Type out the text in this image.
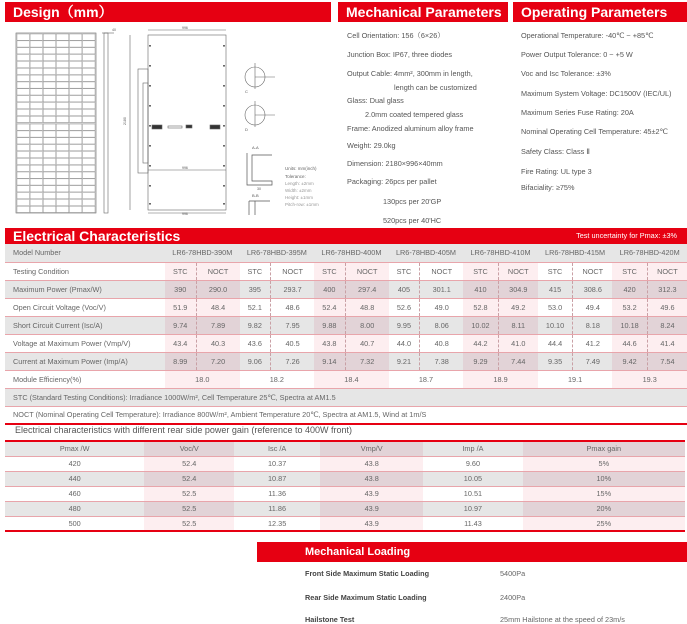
Design（mm）	Mechanical Parameters	Operating Parameters
40	996
996
996
2180
C
D
A-A
30
B-B
Units: mm(inch)
Tolerance:
Length: ±2mm
Width: ±2mm
Height: ±1mm
Pitch-row: ±1mm
Cell Orientation: 156（6×26）
Junction Box: IP67, three diodes
Output Cable: 4mm², 300mm in length,
length can be customized
Glass: Dual glass
2.0mm coated tempered glass
Frame: Anodized aluminum alloy frame
Weight: 29.0kg
Dimension: 2180×996×40mm
Packaging: 26pcs per pallet
130pcs per 20'GP
520pcs per 40'HC
Operational Temperature: -40℃ ~ +85℃
Power Output Tolerance: 0 ~ +5 W
Voc and Isc Tolerance: ±3%
Maximum System Voltage: DC1500V (IEC/UL)
Maximum Series Fuse Rating: 20A
Nominal Operating Cell Temperature: 45±2℃
Safety Class: Class Ⅱ
Fire Rating: UL type 3
Bifaciality: ≥75%
Electrical Characteristics	Test uncertainty for Pmax: ±3%
Model Number	LR6-78HBD-390M		LR6-78HBD-395M		LR6-78HBD-400M		LR6-78HBD-405M		LR6-78HBD-410M		LR6-78HBD-415M		LR6-78HBD-420M	
Testing Condition	STC	NOCT	STC	NOCT	STC	NOCT	STC	NOCT	STC	NOCT	STC	NOCT	STC	NOCT
Maximum Power (Pmax/W)	390	290.0	395	293.7	400	297.4	405	301.1	410	304.9	415	308.6	420	312.3
Open Circuit Voltage (Voc/V)	51.9	48.4	52.1	48.6	52.4	48.8	52.6	49.0	52.8	49.2	53.0	49.4	53.2	49.6
Short Circuit Current (Isc/A)	9.74	7.89	9.82	7.95	9.88	8.00	9.95	8.06	10.02	8.11	10.10	8.18	10.18	8.24
Voltage at Maximum Power (Vmp/V)	43.4	40.3	43.6	40.5	43.8	40.7	44.0	40.8	44.2	41.0	44.4	41.2	44.6	41.4
Current at Maximum Power (Imp/A)	8.99	7.20	9.06	7.26	9.14	7.32	9.21	7.38	9.29	7.44	9.35	7.49	9.42	7.54
Module Efficiency(%)	18.0		18.2		18.4		18.7		18.9		19.1		19.3	
STC (Standard Testing Conditions): Irradiance 1000W/m², Cell Temperature 25℃, Spectra at AM1.5														
NOCT (Nominal Operating Cell Temperature): Irradiance 800W/m², Ambient Temperature 20℃, Spectra at AM1.5, Wind at 1m/S														
Electrical characteristics with different rear side power gain (reference to 400W front)
Pmax /W	Voc/V	Isc /A	Vmp/V	Imp /A	Pmax gain
420	52.4	10.37	43.8	9.60	5%
440	52.4	10.87	43.8	10.05	10%
460	52.5	11.36	43.9	10.51	15%
480	52.5	11.86	43.9	10.97	20%
500	52.5	12.35	43.9	11.43	25%
Mechanical Loading
Front Side Maximum Static Loading	5400Pa
Rear Side Maximum Static Loading	2400Pa
Hailstone Test	25mm Hailstone at the speed of 23m/s
